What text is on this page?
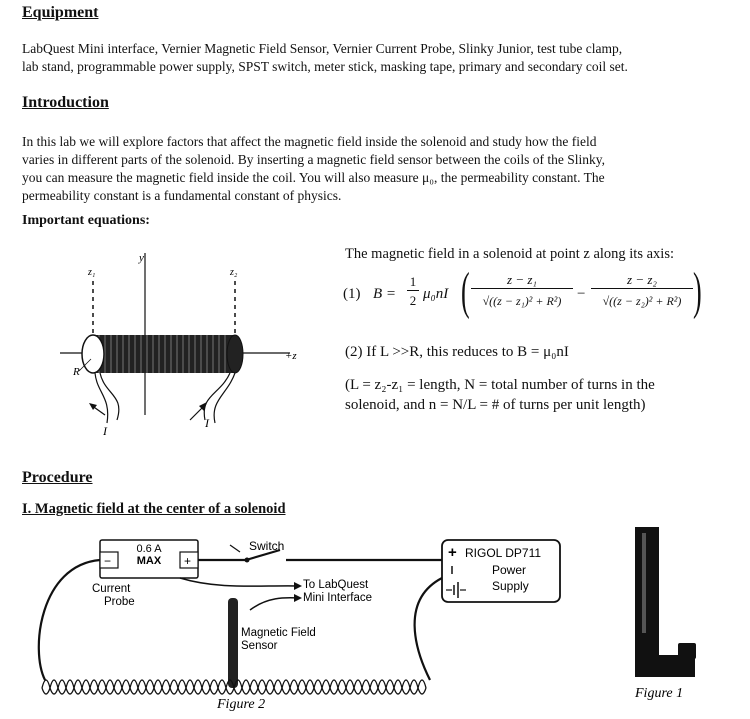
Equipment
LabQuest Mini interface, Vernier Magnetic Field Sensor, Vernier Current Probe, Slinky Junior, test tube clamp,
lab stand, programmable power supply, SPST switch, meter stick, masking tape, primary and secondary coil set.
Introduction
In this lab we will explore factors that affect the magnetic field inside the solenoid and study how the field
varies in different parts of the solenoid. By inserting a magnetic field sensor between the coils of the Slinky,
you can measure the magnetic field inside the coil. You will also measure μ₀, the permeability constant. The
permeability constant is a fundamental constant of physics.
Important equations:
y
+z
z₁	z₂
R
I
I
The magnetic field in a solenoid at point z along its axis:
(1) B =
1
2 μ₀nI (	z − z₁
√((z − z₁)² + R²)	−
z − z₂
√((z − z₂)² + R²) )
(2) If L >>R, this reduces to B = μ₀nI
(L = z₂-z₁ = length, N = total number of turns in the
solenoid, and n = N/L = # of turns per unit length)
Procedure
I. Magnetic field at the center of a solenoid
−	+
0.6 A
MAX
Switch
Current
Probe
To LabQuest
Mini Interface
Magnetic Field
Sensor
+ RIGOL DP711
Power
Supply
Figure 2
Figure 1
